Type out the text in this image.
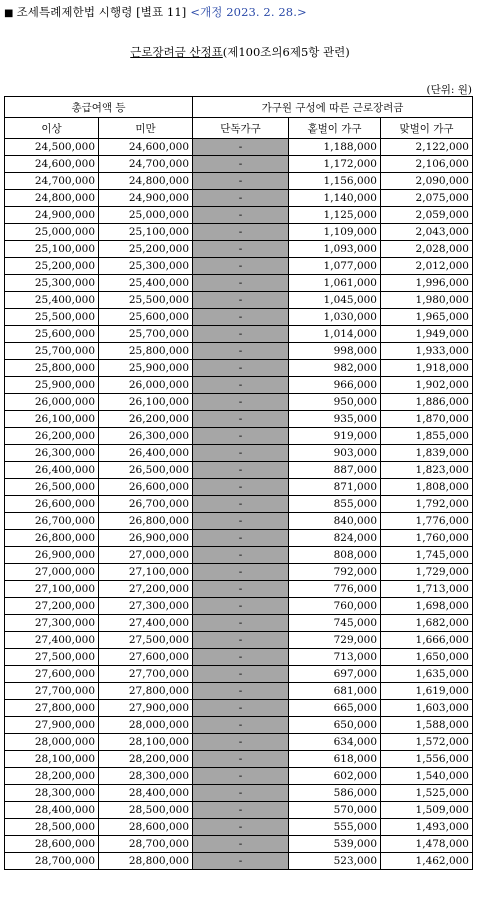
■ 조세특례제한법 시행령 [별표 11] <개정 2023. 2. 28.>
근로장려금 산정표(제100조의6제5항 관련)
(단위: 원)
총급여액 등		가구원 구성에 따른 근로장려금		
이상	미만	단독가구	홑벌이 가구	맞벌이 가구
24,500,000	24,600,000	-	1,188,000	2,122,000
24,600,000	24,700,000	-	1,172,000	2,106,000
24,700,000	24,800,000	-	1,156,000	2,090,000
24,800,000	24,900,000	-	1,140,000	2,075,000
24,900,000	25,000,000	-	1,125,000	2,059,000
25,000,000	25,100,000	-	1,109,000	2,043,000
25,100,000	25,200,000	-	1,093,000	2,028,000
25,200,000	25,300,000	-	1,077,000	2,012,000
25,300,000	25,400,000	-	1,061,000	1,996,000
25,400,000	25,500,000	-	1,045,000	1,980,000
25,500,000	25,600,000	-	1,030,000	1,965,000
25,600,000	25,700,000	-	1,014,000	1,949,000
25,700,000	25,800,000	-	998,000	1,933,000
25,800,000	25,900,000	-	982,000	1,918,000
25,900,000	26,000,000	-	966,000	1,902,000
26,000,000	26,100,000	-	950,000	1,886,000
26,100,000	26,200,000	-	935,000	1,870,000
26,200,000	26,300,000	-	919,000	1,855,000
26,300,000	26,400,000	-	903,000	1,839,000
26,400,000	26,500,000	-	887,000	1,823,000
26,500,000	26,600,000	-	871,000	1,808,000
26,600,000	26,700,000	-	855,000	1,792,000
26,700,000	26,800,000	-	840,000	1,776,000
26,800,000	26,900,000	-	824,000	1,760,000
26,900,000	27,000,000	-	808,000	1,745,000
27,000,000	27,100,000	-	792,000	1,729,000
27,100,000	27,200,000	-	776,000	1,713,000
27,200,000	27,300,000	-	760,000	1,698,000
27,300,000	27,400,000	-	745,000	1,682,000
27,400,000	27,500,000	-	729,000	1,666,000
27,500,000	27,600,000	-	713,000	1,650,000
27,600,000	27,700,000	-	697,000	1,635,000
27,700,000	27,800,000	-	681,000	1,619,000
27,800,000	27,900,000	-	665,000	1,603,000
27,900,000	28,000,000	-	650,000	1,588,000
28,000,000	28,100,000	-	634,000	1,572,000
28,100,000	28,200,000	-	618,000	1,556,000
28,200,000	28,300,000	-	602,000	1,540,000
28,300,000	28,400,000	-	586,000	1,525,000
28,400,000	28,500,000	-	570,000	1,509,000
28,500,000	28,600,000	-	555,000	1,493,000
28,600,000	28,700,000	-	539,000	1,478,000
28,700,000	28,800,000	-	523,000	1,462,000
